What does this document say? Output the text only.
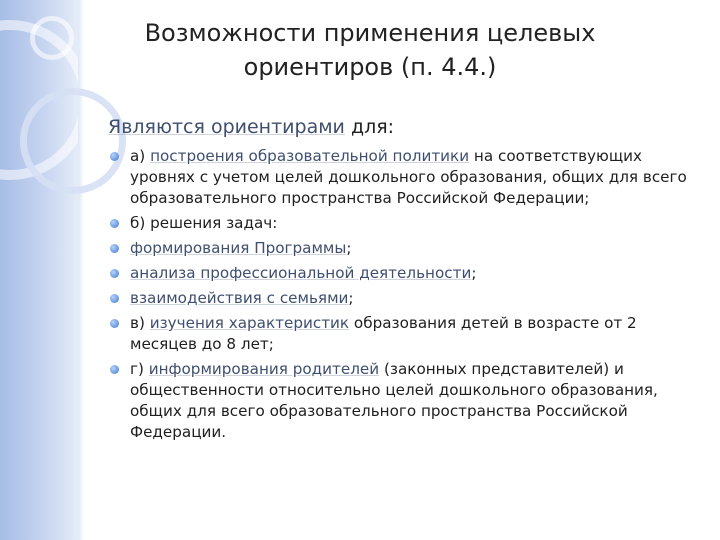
Возможности применения целевых
ориентиров (п. 4.4.)
Являются ориентирами для:
а) построения образовательной политики на соответствующих уровнях с учетом целей дошкольного образования, общих для всего образовательного пространства Российской Федерации;
б) решения задач:
формирования Программы;
анализа профессиональной деятельности;
взаимодействия с семьями;
в) изучения характеристик образования детей в возрасте от 2 месяцев до 8 лет;
г) информирования родителей (законных представителей) и общественности относительно целей дошкольного образования, общих для всего образовательного пространства Российской Федерации.
